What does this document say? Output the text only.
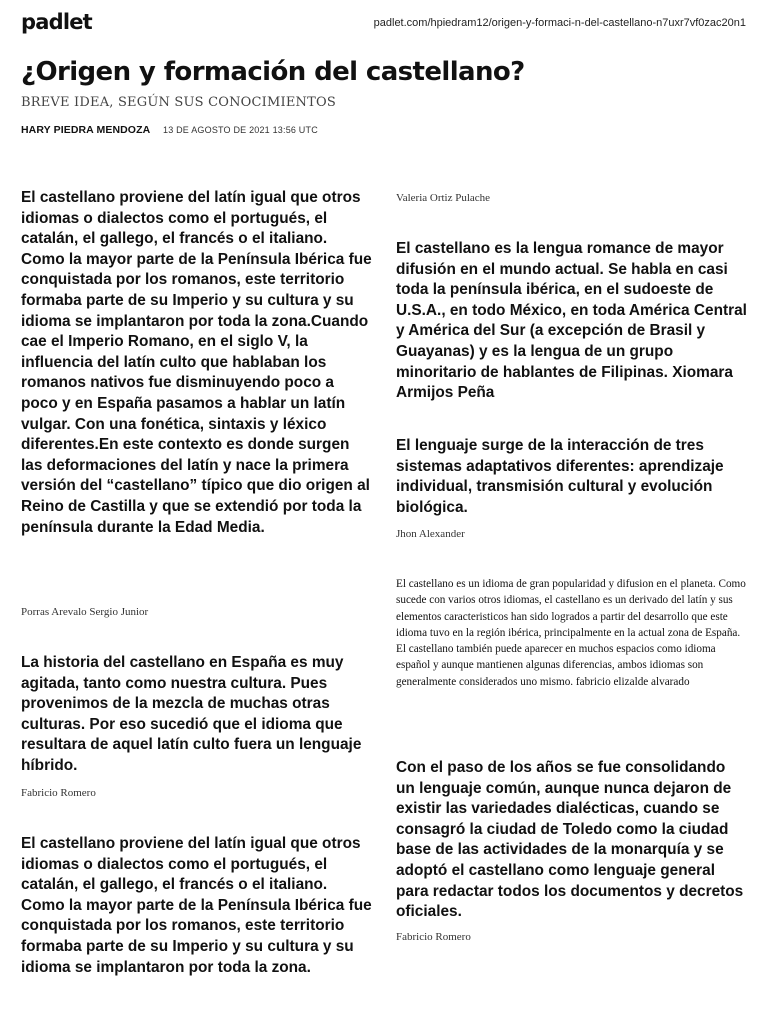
padlet	padlet.com/hpiedram12/origen-y-formaci-n-del-castellano-n7uxr7vf0zac20n1
¿Origen y formación del castellano?
BREVE IDEA, SEGÚN SUS CONOCIMIENTOS
HARY PIEDRA MENDOZA 13 DE AGOSTO DE 2021 13:56 UTC

El castellano proviene del latín igual que otros idiomas o dialectos como el portugués, el catalán, el gallego, el francés o el italiano. Como la mayor parte de la Península Ibérica fue conquistada por los romanos, este territorio formaba parte de su Imperio y su cultura y su idioma se implantaron por toda la zona.Cuando cae el Imperio Romano, en el siglo V, la influencia del latín culto que hablaban los romanos nativos fue disminuyendo poco a poco y en España pasamos a hablar un latín vulgar. Con una fonética, sintaxis y léxico diferentes.En este contexto es donde surgen las deformaciones del latín y nace la primera versión del “castellano” típico que dio origen al Reino de Castilla y que se extendió por toda la península durante la Edad Media.

Porras Arevalo Sergio Junior

La historia del castellano en España es muy agitada, tanto como nuestra cultura. Pues provenimos de la mezcla de muchas otras culturas. Por eso sucedió que el idioma que resultara de aquel latín culto fuera un lenguaje híbrido.

Fabricio Romero

El castellano proviene del latín igual que otros idiomas o dialectos como el portugués, el catalán, el gallego, el francés o el italiano. Como la mayor parte de la Península Ibérica fue conquistada por los romanos, este territorio formaba parte de su Imperio y su cultura y su idioma se implantaron por toda la zona.

Valeria Ortiz Pulache

El castellano es la lengua romance de mayor difusión en el mundo actual. Se habla en casi toda la península ibérica, en el sudoeste de U.S.A., en todo México, en toda América Central y América del Sur (a excepción de Brasil y Guayanas) y es la lengua de un grupo minoritario de hablantes de Filipinas. Xiomara Armijos Peña

El lenguaje surge de la interacción de tres sistemas adaptativos diferentes: aprendizaje individual, transmisión cultural y evolución biológica.

Jhon Alexander

El castellano es un idioma de gran popularidad y difusion en el planeta. Como sucede con varios otros idiomas, el castellano es un derivado del latín y sus elementos caracteristicos han sido logrados a partir del desarrollo que este idioma tuvo en la región ibérica, principalmente en la actual zona de España. El castellano también puede aparecer en muchos espacios como idioma español y aunque mantienen algunas diferencias, ambos idiomas son generalmente considerados uno mismo. fabricio elizalde alvarado

Con el paso de los años se fue consolidando un lenguaje común, aunque nunca dejaron de existir las variedades dialécticas, cuando se consagró la ciudad de Toledo como la ciudad base de las actividades de la monarquía y se adoptó el castellano como lenguaje general para redactar todos los documentos y decretos oficiales.

Fabricio Romero
